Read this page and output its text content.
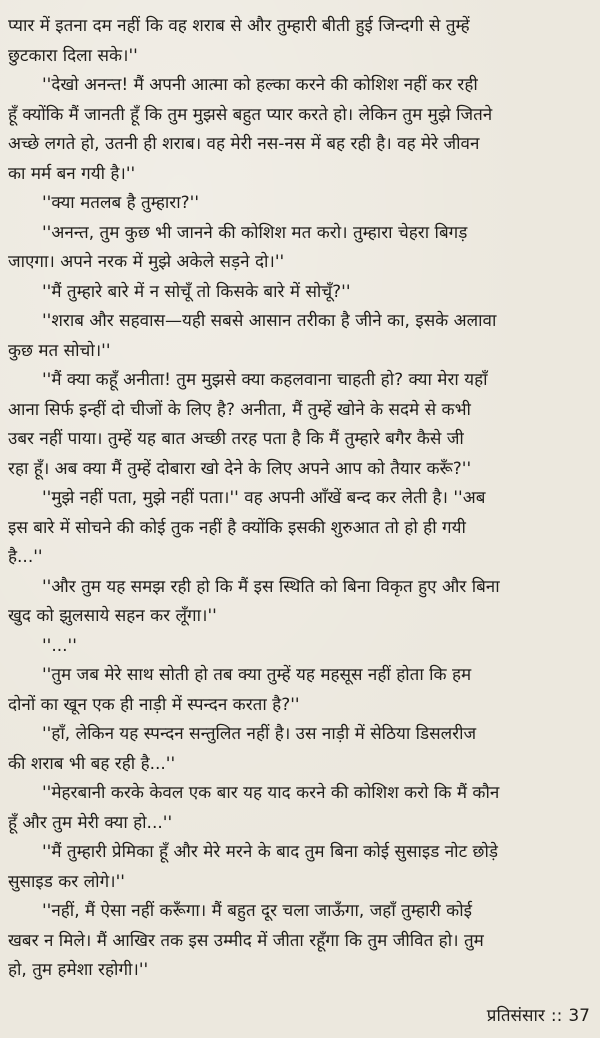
प्यार में इतना दम नहीं कि वह शराब से और तुम्हारी बीती हुई जिन्दगी से तुम्हें
छुटकारा दिला सके।''
''देखो अनन्त! मैं अपनी आत्मा को हल्का करने की कोशिश नहीं कर रही
हूँ क्योंकि मैं जानती हूँ कि तुम मुझसे बहुत प्यार करते हो। लेकिन तुम मुझे जितने
अच्छे लगते हो, उतनी ही शराब। वह मेरी नस-नस में बह रही है। वह मेरे जीवन
का मर्म बन गयी है।''
''क्या मतलब है तुम्हारा?''
''अनन्त, तुम कुछ भी जानने की कोशिश मत करो। तुम्हारा चेहरा बिगड़
जाएगा। अपने नरक में मुझे अकेले सड़ने दो।''
''मैं तुम्हारे बारे में न सोचूँ तो किसके बारे में सोचूँ?''
''शराब और सहवास—यही सबसे आसान तरीका है जीने का, इसके अलावा
कुछ मत सोचो।''
''मैं क्या कहूँ अनीता! तुम मुझसे क्या कहलवाना चाहती हो? क्या मेरा यहाँ
आना सिर्फ इन्हीं दो चीजों के लिए है? अनीता, मैं तुम्हें खोने के सदमे से कभी
उबर नहीं पाया। तुम्हें यह बात अच्छी तरह पता है कि मैं तुम्हारे बगैर कैसे जी
रहा हूँ। अब क्या मैं तुम्हें दोबारा खो देने के लिए अपने आप को तैयार करूँ?''
''मुझे नहीं पता, मुझे नहीं पता।'' वह अपनी आँखें बन्द कर लेती है। ''अब
इस बारे में सोचने की कोई तुक नहीं है क्योंकि इसकी शुरुआत तो हो ही गयी
है...''
''और तुम यह समझ रही हो कि मैं इस स्थिति को बिना विकृत हुए और बिना
खुद को झुलसाये सहन कर लूँगा।''
''...''
''तुम जब मेरे साथ सोती हो तब क्या तुम्हें यह महसूस नहीं होता कि हम
दोनों का खून एक ही नाड़ी में स्पन्दन करता है?''
''हाँ, लेकिन यह स्पन्दन सन्तुलित नहीं है। उस नाड़ी में सेठिया डिसलरीज
की शराब भी बह रही है...''
''मेहरबानी करके केवल एक बार यह याद करने की कोशिश करो कि मैं कौन
हूँ और तुम मेरी क्या हो...''
''मैं तुम्हारी प्रेमिका हूँ और मेरे मरने के बाद तुम बिना कोई सुसाइड नोट छोड़े
सुसाइड कर लोगे।''
''नहीं, मैं ऐसा नहीं करूँगा। मैं बहुत दूर चला जाऊँगा, जहाँ तुम्हारी कोई
खबर न मिले। मैं आखिर तक इस उम्मीद में जीता रहूँगा कि तुम जीवित हो। तुम
हो, तुम हमेशा रहोगी।''
प्रतिसंसार :: 37
